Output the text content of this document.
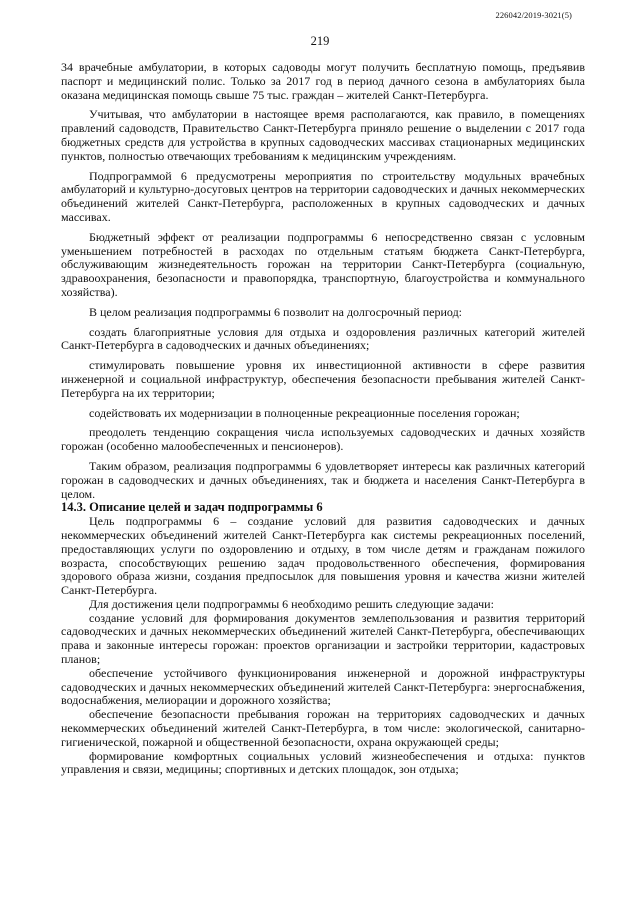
226042/2019-3021(5)
219

34 врачебные амбулатории, в которых садоводы могут получить бесплатную помощь, предъявив паспорт и медицинский полис. Только за 2017 год в период дачного сезона в амбулаториях была оказана медицинская помощь свыше 75 тыс. граждан – жителей Санкт-Петербурга.

Учитывая, что амбулатории в настоящее время располагаются, как правило, в помещениях правлений садоводств, Правительство Санкт-Петербурга приняло решение о выделении с 2017 года бюджетных средств для устройства в крупных садоводческих массивах стационарных медицинских пунктов, полностью отвечающих требованиям к медицинским учреждениям.

Подпрограммой 6 предусмотрены мероприятия по строительству модульных врачебных амбулаторий и культурно-досуговых центров на территории садоводческих и дачных некоммерческих объединений жителей Санкт-Петербурга, расположенных в крупных садоводческих и дачных массивах.

Бюджетный эффект от реализации подпрограммы 6 непосредственно связан с условным уменьшением потребностей в расходах по отдельным статьям бюджета Санкт-Петербурга, обслуживающим жизнедеятельность горожан на территории Санкт-Петербурга (социальную, здравоохранения, безопасности и правопорядка, транспортную, благоустройства и коммунального хозяйства).

В целом реализация подпрограммы 6 позволит на долгосрочный период:

создать благоприятные условия для отдыха и оздоровления различных категорий жителей Санкт-Петербурга в садоводческих и дачных объединениях;

стимулировать повышение уровня их инвестиционной активности в сфере развития инженерной и социальной инфраструктур, обеспечения безопасности пребывания жителей Санкт-Петербурга на их территории;

содействовать их модернизации в полноценные рекреационные поселения горожан;

преодолеть тенденцию сокращения числа используемых садоводческих и дачных хозяйств горожан (особенно малообеспеченных и пенсионеров).

Таким образом, реализация подпрограммы 6 удовлетворяет интересы как различных категорий горожан в садоводческих и дачных объединениях, так и бюджета и населения Санкт-Петербурга в целом.

14.3. Описание целей и задач подпрограммы 6

Цель подпрограммы 6 – создание условий для развития садоводческих и дачных некоммерческих объединений жителей Санкт-Петербурга как системы рекреационных поселений, предоставляющих услуги по оздоровлению и отдыху, в том числе детям и гражданам пожилого возраста, способствующих решению задач продовольственного обеспечения, формирования здорового образа жизни, создания предпосылок для повышения уровня и качества жизни жителей Санкт-Петербурга.

Для достижения цели подпрограммы 6 необходимо решить следующие задачи:

создание условий для формирования документов землепользования и развития территорий садоводческих и дачных некоммерческих объединений жителей Санкт-Петербурга, обеспечивающих права и законные интересы горожан: проектов организации и застройки территории, кадастровых планов;

обеспечение устойчивого функционирования инженерной и дорожной инфраструктуры садоводческих и дачных некоммерческих объединений жителей Санкт-Петербурга: энергоснабжения, водоснабжения, мелиорации и дорожного хозяйства;

обеспечение безопасности пребывания горожан на территориях садоводческих и дачных некоммерческих объединений жителей Санкт-Петербурга, в том числе: экологической, санитарно-гигиенической, пожарной и общественной безопасности, охрана окружающей среды;

формирование комфортных социальных условий жизнеобеспечения и отдыха: пунктов управления и связи, медицины; спортивных и детских площадок, зон отдыха;
